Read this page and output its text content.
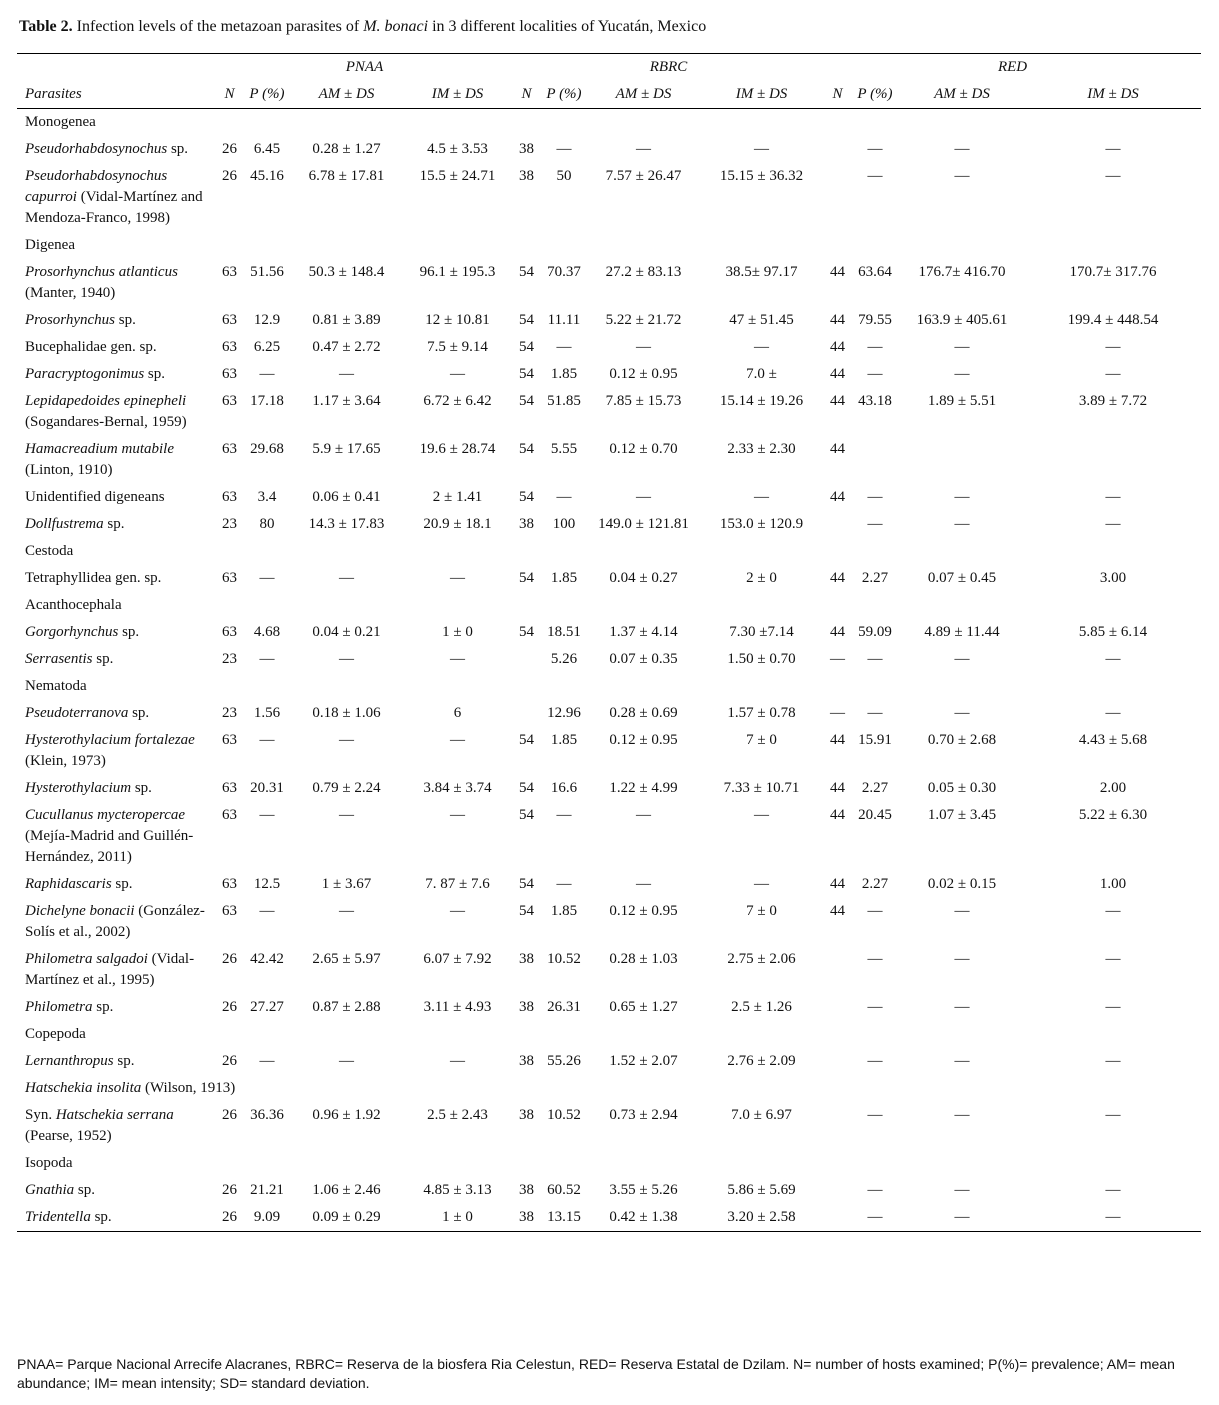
Table 2. Infection levels of the metazoan parasites of M. bonaci in 3 different localities of Yucatán, Mexico
	PNAA				RBRC				RED			
Parasites	N	P (%)	AM ± DS	IM ± DS	N	P (%)	AM ± DS	IM ± DS	N	P (%)	AM ± DS	IM ± DS
Monogenea												
Pseudorhabdosynochus sp.	26	6.45	0.28 ± 1.27	4.5 ± 3.53	38	—	—	—		—	—	—
Pseudorhabdosynochus capurroi (Vidal-Martínez and Mendoza-Franco, 1998)	26	45.16	6.78 ± 17.81	15.5 ± 24.71	38	50	7.57 ± 26.47	15.15 ± 36.32		—	—	—
Digenea												
Prosorhynchus atlanticus (Manter, 1940)	63	51.56	50.3 ± 148.4	96.1 ± 195.3	54	70.37	27.2 ± 83.13	38.5± 97.17	44	63.64	176.7± 416.70	170.7± 317.76
Prosorhynchus sp.	63	12.9	0.81 ± 3.89	12 ± 10.81	54	11.11	5.22 ± 21.72	47 ± 51.45	44	79.55	163.9 ± 405.61	199.4 ± 448.54
Bucephalidae gen. sp.	63	6.25	0.47 ± 2.72	7.5 ± 9.14	54	—	—	—	44	—	—	—
Paracryptogonimus sp.	63	—	—	—	54	1.85	0.12 ± 0.95	7.0 ±	44	—	—	—
Lepidapedoides epinepheli (Sogandares-Bernal, 1959)	63	17.18	1.17 ± 3.64	6.72 ± 6.42	54	51.85	7.85 ± 15.73	15.14 ± 19.26	44	43.18	1.89 ± 5.51	3.89 ± 7.72
Hamacreadium mutabile (Linton, 1910)	63	29.68	5.9 ± 17.65	19.6 ± 28.74	54	5.55	0.12 ± 0.70	2.33 ± 2.30	44			
Unidentified digeneans	63	3.4	0.06 ± 0.41	2 ± 1.41	54	—	—	—	44	—	—	—
Dollfustrema sp.	23	80	14.3 ± 17.83	20.9 ± 18.1	38	100	149.0 ± 121.81	153.0 ± 120.9		—	—	—
Cestoda												
Tetraphyllidea gen. sp.	63	—	—	—	54	1.85	0.04 ± 0.27	2 ± 0	44	2.27	0.07 ± 0.45	3.00
Acanthocephala												
Gorgorhynchus sp.	63	4.68	0.04 ± 0.21	1 ± 0	54	18.51	1.37 ± 4.14	7.30 ±7.14	44	59.09	4.89 ± 11.44	5.85 ± 6.14
Serrasentis sp.	23	—	—	—		5.26	0.07 ± 0.35	1.50 ± 0.70	—	—	—	—
Nematoda												
Pseudoterranova sp.	23	1.56	0.18 ± 1.06	6		12.96	0.28 ± 0.69	1.57 ± 0.78	—	—	—	—
Hysterothylacium fortalezae (Klein, 1973)	63	—	—	—	54	1.85	0.12 ± 0.95	7 ± 0	44	15.91	0.70 ± 2.68	4.43 ± 5.68
Hysterothylacium sp.	63	20.31	0.79 ± 2.24	3.84 ± 3.74	54	16.6	1.22 ± 4.99	7.33 ± 10.71	44	2.27	0.05 ± 0.30	2.00
Cucullanus mycteropercae (Mejía-Madrid and Guillén-Hernández, 2011)	63	—	—	—	54	—	—	—	44	20.45	1.07 ± 3.45	5.22 ± 6.30
Raphidascaris sp.	63	12.5	1 ± 3.67	7. 87 ± 7.6	54	—	—	—	44	2.27	0.02 ± 0.15	1.00
Dichelyne bonacii (González-Solís et al., 2002)	63	—	—	—	54	1.85	0.12 ± 0.95	7 ± 0	44	—	—	—
Philometra salgadoi (Vidal-Martínez et al., 1995)	26	42.42	2.65 ± 5.97	6.07 ± 7.92	38	10.52	0.28 ± 1.03	2.75 ± 2.06		—	—	—
Philometra sp.	26	27.27	0.87 ± 2.88	3.11 ± 4.93	38	26.31	0.65 ± 1.27	2.5 ± 1.26		—	—	—
Copepoda												
Lernanthropus sp.	26	—	—	—	38	55.26	1.52 ± 2.07	2.76 ± 2.09		—	—	—
Hatschekia insolita (Wilson, 1913)												
Syn. Hatschekia serrana (Pearse, 1952)	26	36.36	0.96 ± 1.92	2.5 ± 2.43	38	10.52	0.73 ± 2.94	7.0 ± 6.97		—	—	—
Isopoda												
Gnathia sp.	26	21.21	1.06 ± 2.46	4.85 ± 3.13	38	60.52	3.55 ± 5.26	5.86 ± 5.69		—	—	—
Tridentella sp.	26	9.09	0.09 ± 0.29	1 ± 0	38	13.15	0.42 ± 1.38	3.20 ± 2.58		—	—	—
PNAA= Parque Nacional Arrecife Alacranes, RBRC= Reserva de la biosfera Ria Celestun, RED= Reserva Estatal de Dzilam. N= number of hosts examined; P(%)= prevalence; AM= mean abundance; IM= mean intensity; SD= standard deviation.
